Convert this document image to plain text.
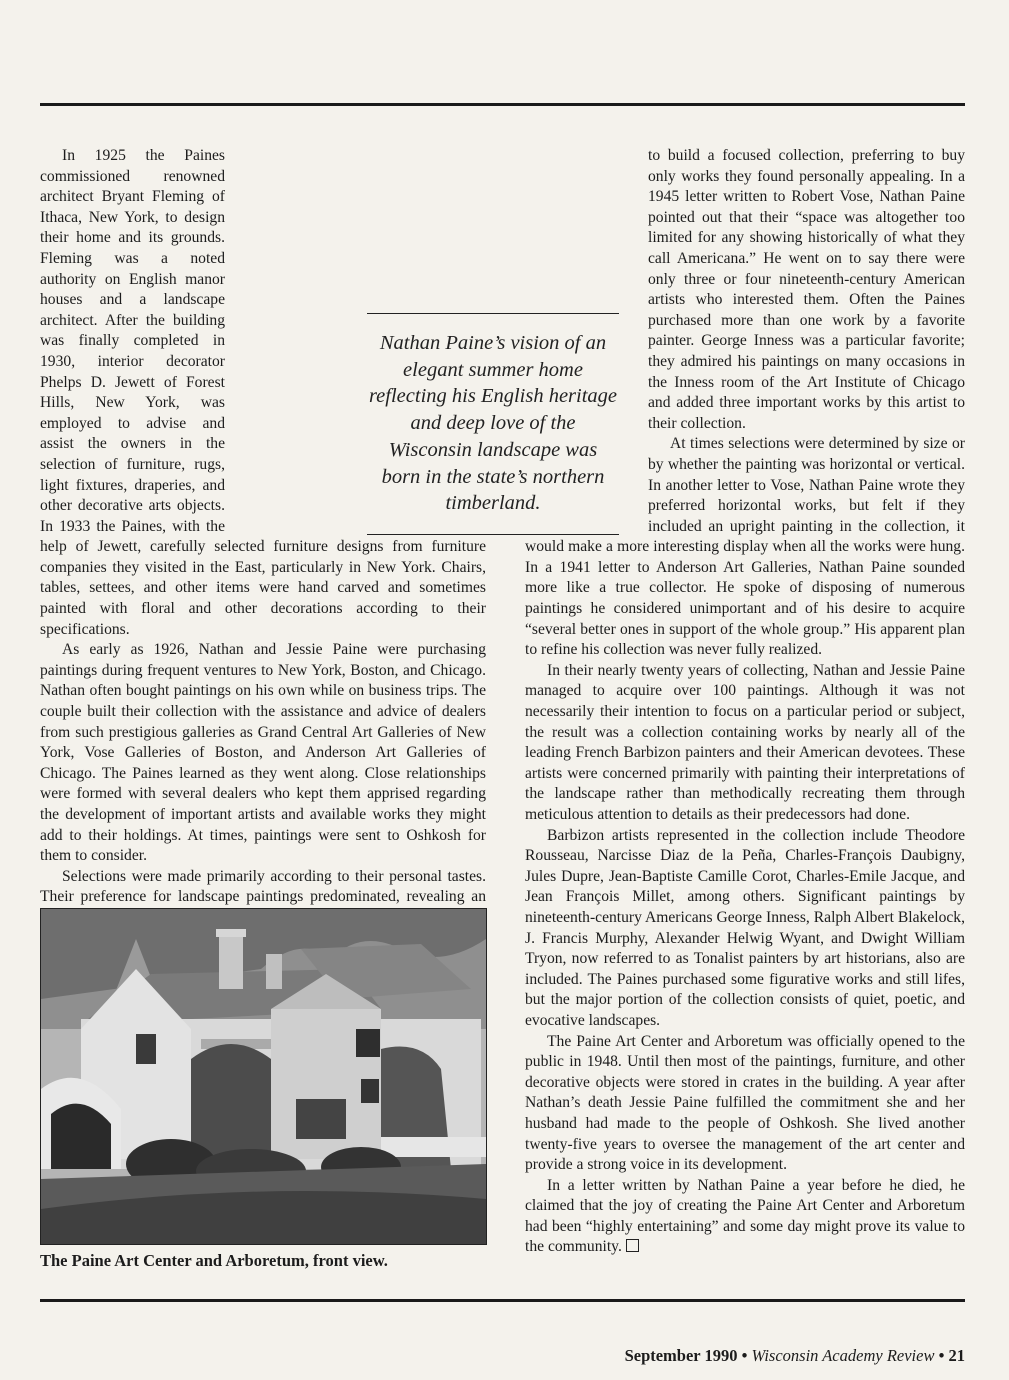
In 1925 the Paines commissioned renowned architect Bryant Fleming of Ithaca, New York, to design their home and its grounds. Fleming was a noted authority on English manor houses and a landscape architect. After the building was finally completed in 1930, interior decorator Phelps D. Jewett of Forest Hills, New York, was employed to advise and assist the owners in the selection of furniture, rugs, light fixtures, draperies, and other decorative arts objects. In 1933 the Paines, with the help of Jewett, carefully selected furniture designs from furniture companies they visited in the East, particularly in New York. Chairs, tables, settees, and other items were hand carved and sometimes painted with floral and other decorations according to their specifications.

As early as 1926, Nathan and Jessie Paine were purchasing paintings during frequent ventures to New York, Boston, and Chicago. Nathan often bought paintings on his own while on business trips. The couple built their collection with the assistance and advice of dealers from such prestigious galleries as Grand Central Art Galleries of New York, Vose Galleries of Boston, and Anderson Art Galleries of Chicago. The Paines learned as they went along. Close relationships were formed with several dealers who kept them apprised regarding the development of important artists and available works they might add to their holdings. At times, paintings were sent to Oshkosh for them to consider.

Selections were made primarily according to their personal tastes. Their preference for landscape paintings predominated, revealing an

Nathan Paine’s vision of an elegant summer home reflecting his English heritage and deep love of the Wisconsin landscape was born in the state’s northern timberland.
The Paine Art Center and Arboretum, front view.

to build a focused collection, preferring to buy only works they found personally appealing. In a 1945 letter written to Robert Vose, Nathan Paine pointed out that their “space was altogether too limited for any showing historically of what they call Americana.” He went on to say there were only three or four nineteenth-century American artists who interested them. Often the Paines purchased more than one work by a favorite painter. George Inness was a particular favorite; they admired his paintings on many occasions in the Inness room of the Art Institute of Chicago and added three important works by this artist to their collection.

At times selections were determined by size or by whether the painting was horizontal or vertical. In another letter to Vose, Nathan Paine wrote they preferred horizontal works, but felt if they included an upright painting in the collection, it would make a more interesting display when all the works were hung. In a 1941 letter to Anderson Art Galleries, Nathan Paine sounded more like a true collector. He spoke of disposing of numerous paintings he considered unimportant and of his desire to acquire “several better ones in support of the whole group.” His apparent plan to refine his collection was never fully realized.

In their nearly twenty years of collecting, Nathan and Jessie Paine managed to acquire over 100 paintings. Although it was not necessarily their intention to focus on a particular period or subject, the result was a collection containing works by nearly all of the leading French Barbizon painters and their American devotees. These artists were concerned primarily with painting their interpretations of the landscape rather than methodically recreating them through meticulous attention to details as their predecessors had done.

Barbizon artists represented in the collection include Theodore Rousseau, Narcisse Diaz de la Peña, Charles-François Daubigny, Jules Dupre, Jean-Baptiste Camille Corot, Charles-Emile Jacque, and Jean François Millet, among others. Significant paintings by nineteenth-century Americans George Inness, Ralph Albert Blakelock, J. Francis Murphy, Alexander Helwig Wyant, and Dwight William Tryon, now referred to as Tonalist painters by art historians, also are included. The Paines purchased some figurative works and still lifes, but the major portion of the collection consists of quiet, poetic, and evocative landscapes.

The Paine Art Center and Arboretum was officially opened to the public in 1948. Until then most of the paintings, furniture, and other decorative objects were stored in crates in the building. A year after Nathan’s death Jessie Paine fulfilled the commitment she and her husband had made to the people of Oshkosh. She lived another twenty-five years to oversee the management of the art center and provide a strong voice in its development.

In a letter written by Nathan Paine a year before he died, he claimed that the joy of creating the Paine Art Center and Arboretum had been “highly entertaining” and some day might prove its value to the community.

September 1990 • Wisconsin Academy Review • 21
